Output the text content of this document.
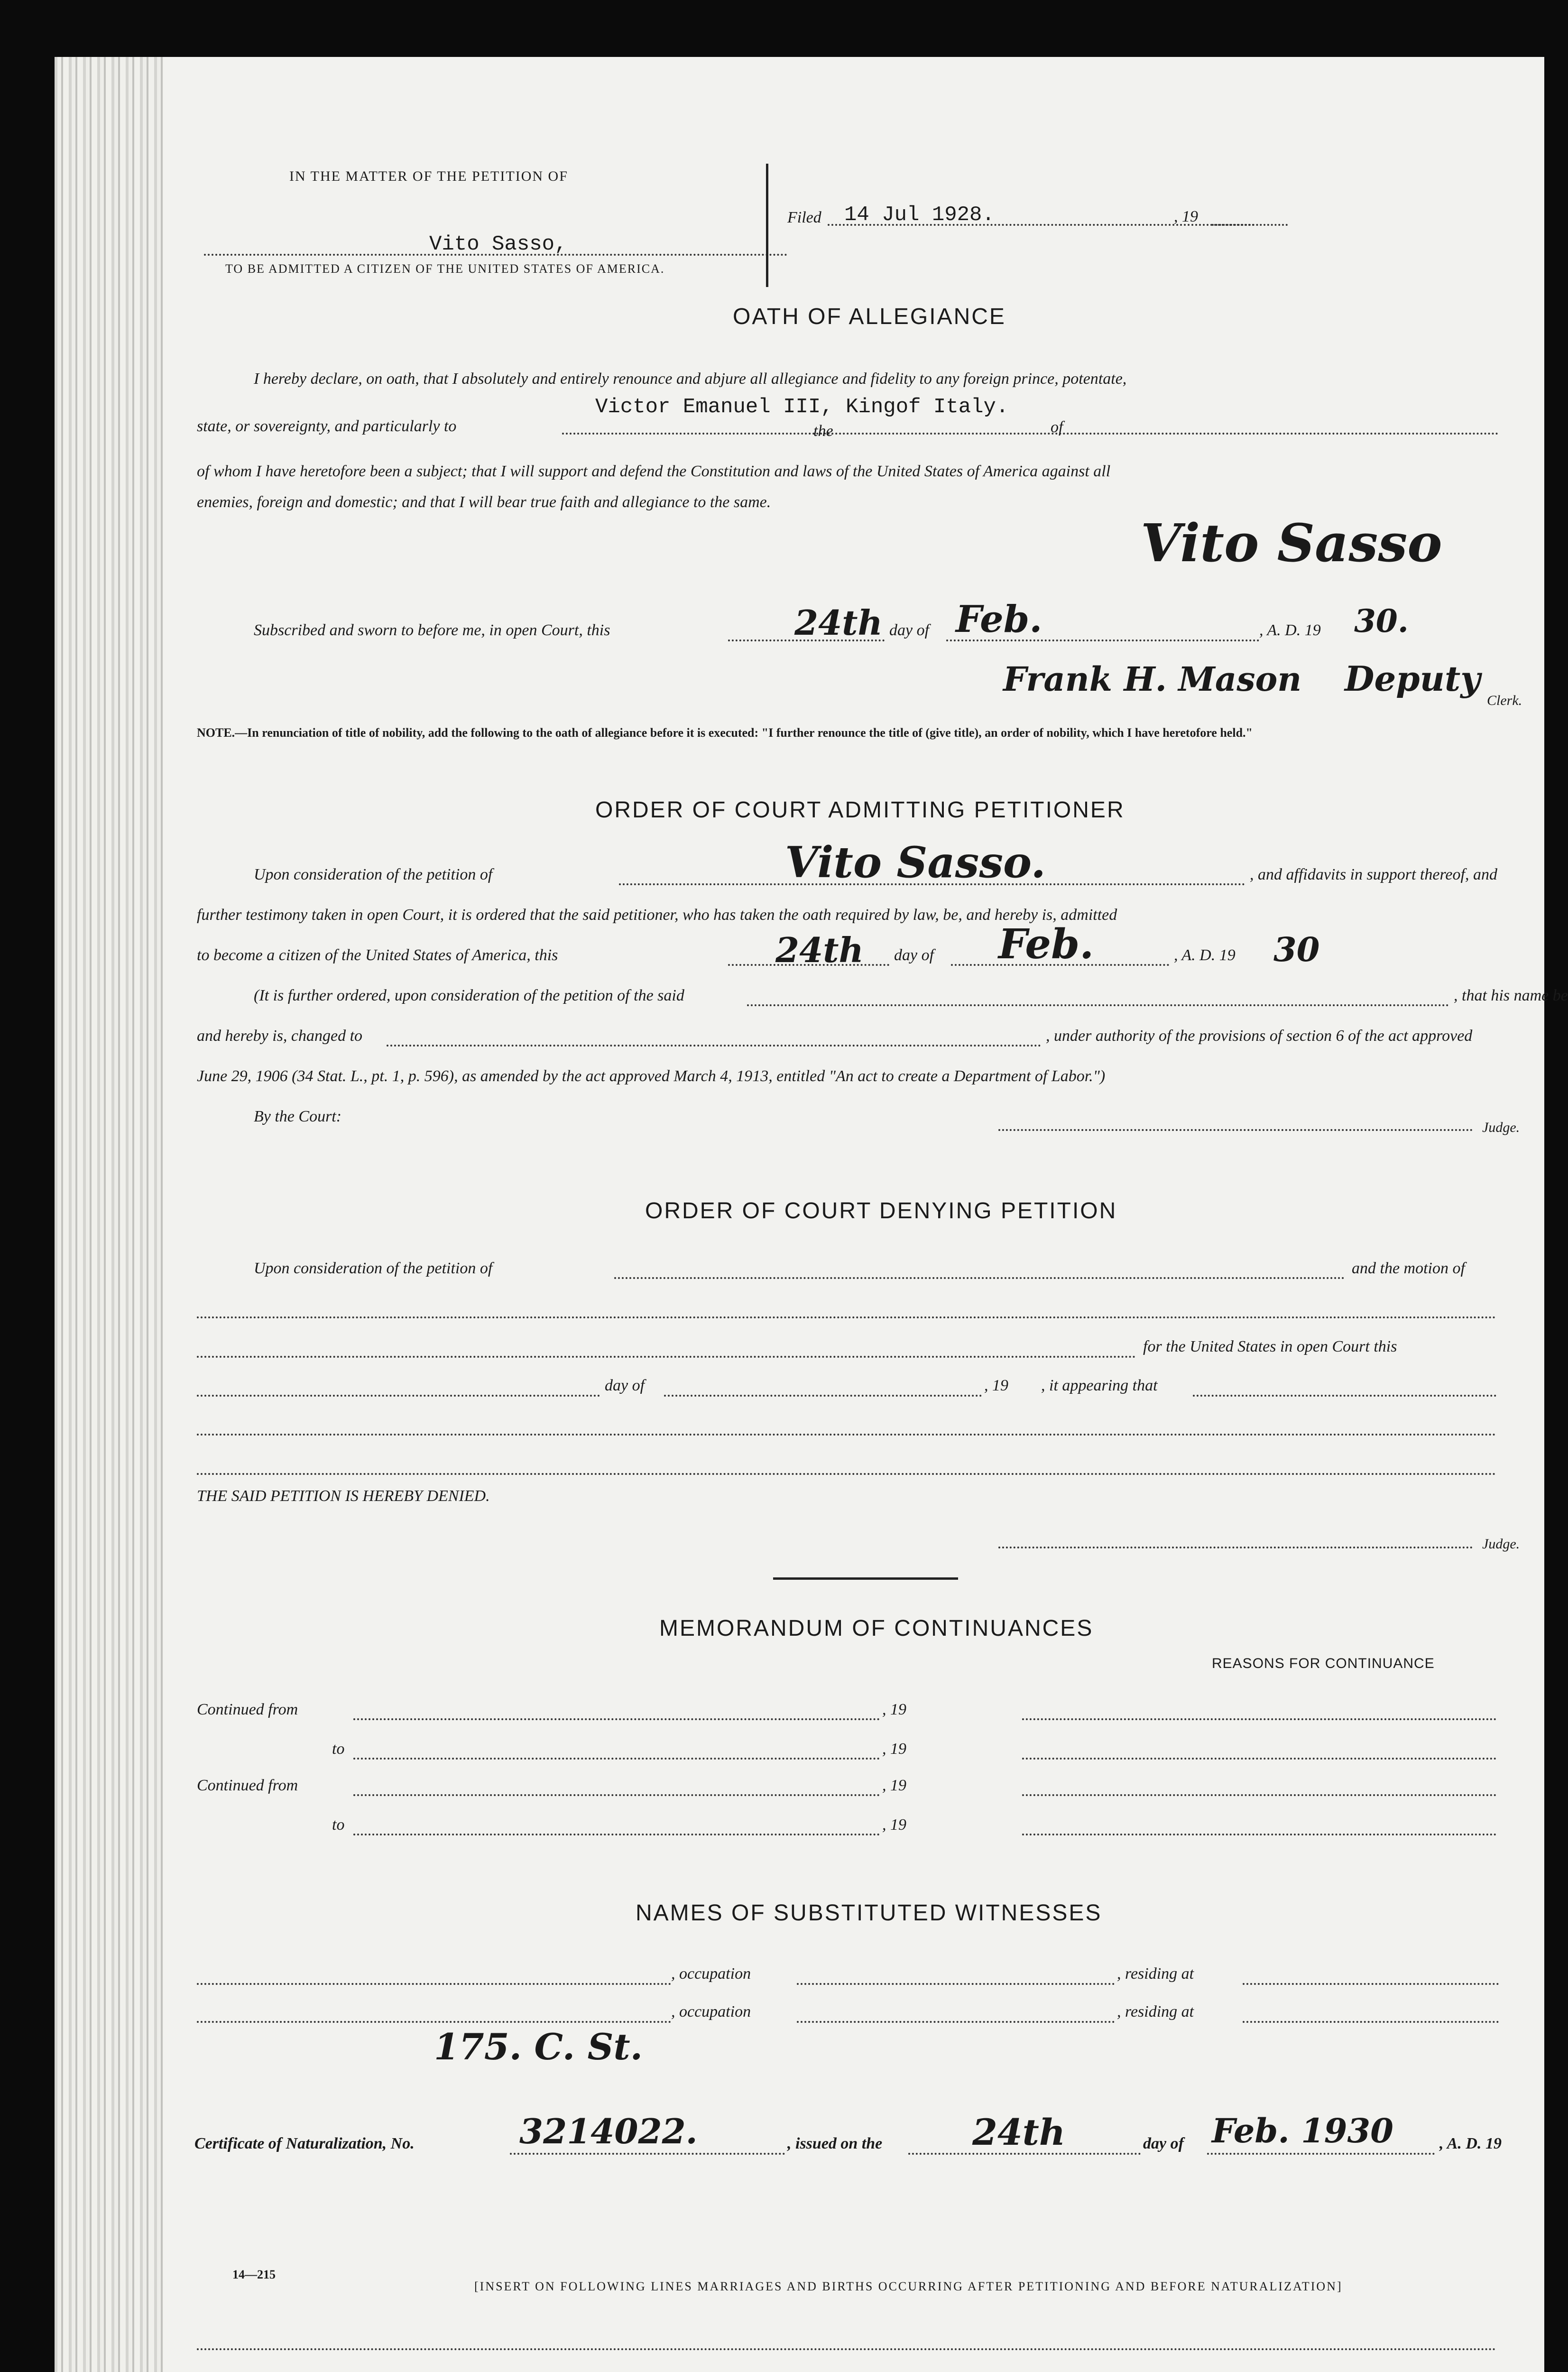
IN THE MATTER OF THE PETITION OF
Vito Sasso,
TO BE ADMITTED A CITIZEN OF THE UNITED STATES OF AMERICA.
Filed 14 Jul 1928.	, 19
OATH OF ALLEGIANCE
I hereby declare, on oath, that I absolutely and entirely renounce and abjure all allegiance and fidelity to any foreign prince, potentate,
state, or sovereignty, and particularly to
Victor Emanuel III, Kingof Italy.
the	of
of whom I have heretofore been a subject; that I will support and defend the Constitution and laws of the United States of America against all
enemies, foreign and domestic; and that I will bear true faith and allegiance to the same.
Vito Sasso
Subscribed and sworn to before me, in open Court, this	24th day of Feb.	, A. D. 19 30.
Frank H. Mason Deputy
Clerk.
NOTE.—In renunciation of title of nobility, add the following to the oath of allegiance before it is executed: "I further renounce the title of (give title), an order of nobility, which I have heretofore held."
ORDER OF COURT ADMITTING PETITIONER
Upon consideration of the petition of	Vito Sasso.	, and affidavits in support thereof, and
further testimony taken in open Court, it is ordered that the said petitioner, who has taken the oath required by law, be, and hereby is, admitted
to become a citizen of the United States of America, this	24th day of Feb.	, A. D. 19 30
(It is further ordered, upon consideration of the petition of the said	, that his name be
and hereby is, changed to	, under authority of the provisions of section 6 of the act approved
June 29, 1906 (34 Stat. L., pt. 1, p. 596), as amended by the act approved March 4, 1913, entitled "An act to create a Department of Labor.")
By the Court:
Judge.
ORDER OF COURT DENYING PETITION
Upon consideration of the petition of	and the motion of
for the United States in open Court this
day of	, 19 , it appearing that
THE SAID PETITION IS HEREBY DENIED.
Judge.
MEMORANDUM OF CONTINUANCES
REASONS FOR CONTINUANCE
Continued from	, 19
to	, 19
Continued from	, 19
to	, 19
NAMES OF SUBSTITUTED WITNESSES
, occupation	, residing at
, occupation	, residing at
175. C. St.
Certificate of Naturalization, No.	3214022.	, issued on the 24th	day of Feb. 1930	, A. D. 19
14—215
[INSERT ON FOLLOWING LINES MARRIAGES AND BIRTHS OCCURRING AFTER PETITIONING AND BEFORE NATURALIZATION]
